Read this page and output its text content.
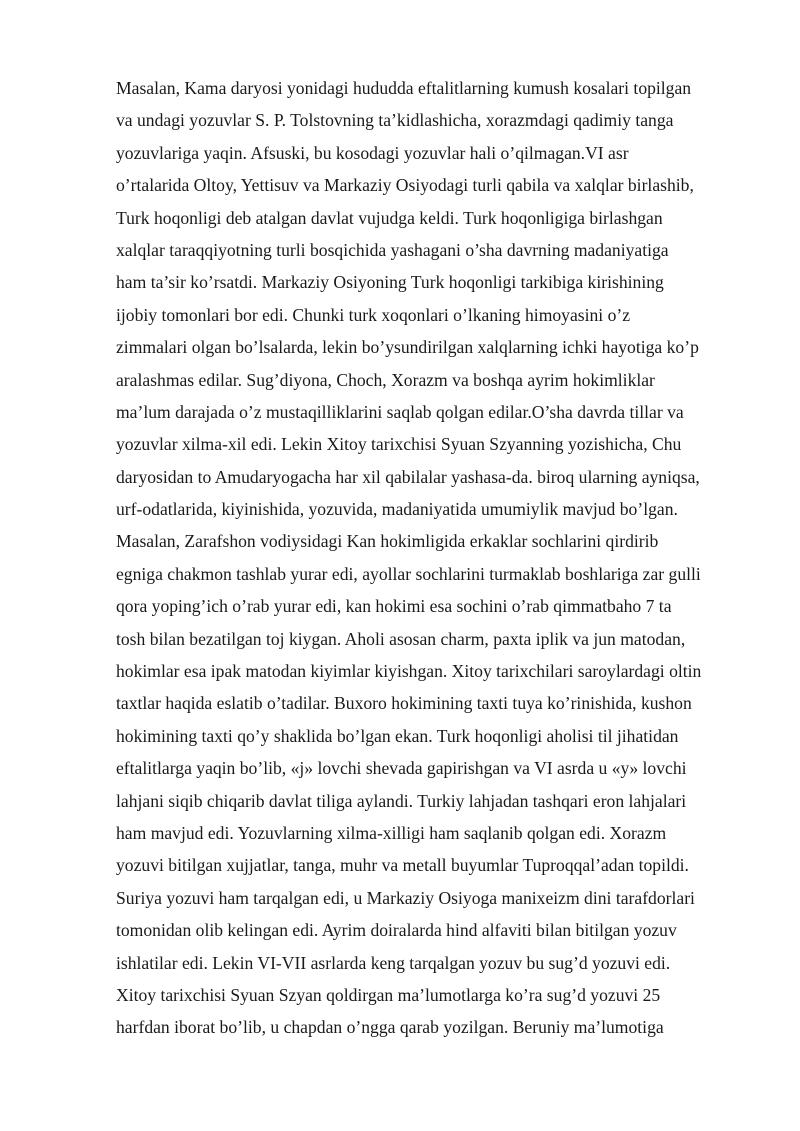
Masalan, Kama daryosi yonidagi hududda eftalitlarning kumush kosalari topilgan
va undagi yozuvlar S. P. Tolstovning ta’kidlashicha, xorazmdagi qadimiy tanga
yozuvlariga yaqin. Afsuski, bu kosodagi yozuvlar hali o’qilmagan.VI asr
o’rtalarida Oltoy, Yettisuv va Markaziy Osiyodagi turli qabila va xalqlar birlashib,
Turk hoqonligi deb atalgan davlat vujudga keldi. Turk hoqonligiga birlashgan
xalqlar taraqqiyotning turli bosqichida yashagani o’sha davrning madaniyatiga
ham ta’sir ko’rsatdi. Markaziy Osiyoning Turk hoqonligi tarkibiga kirishining
ijobiy tomonlari bor edi. Chunki turk xoqonlari o’lkaning himoyasini o’z
zimmalari olgan bo’lsalarda, lekin bo’ysundirilgan xalqlarning ichki hayotiga ko’p
aralashmas edilar. Sug’diyona, Choch, Xorazm va boshqa ayrim hokimliklar
ma’lum darajada o’z mustaqilliklarini saqlab qolgan edilar.O’sha davrda tillar va
yozuvlar xilma-xil edi. Lekin Xitoy tarixchisi Syuan Szyanning yozishicha, Chu
daryosidan to Amudaryogacha har xil qabilalar yashasa-da. biroq ularning ayniqsa,
urf-odatlarida, kiyinishida, yozuvida, madaniyatida umumiylik mavjud bo’lgan.
Masalan, Zarafshon vodiysidagi Kan hokimligida erkaklar sochlarini qirdirib
egniga chakmon tashlab yurar edi, ayollar sochlarini turmaklab boshlariga zar gulli
qora yoping’ich o’rab yurar edi, kan hokimi esa sochini o’rab qimmatbaho 7 ta
tosh bilan bezatilgan toj kiygan. Aholi asosan charm, paxta iplik va jun matodan,
hokimlar esa ipak matodan kiyimlar kiyishgan. Xitoy tarixchilari saroylardagi oltin
taxtlar haqida eslatib o’tadilar. Buxoro hokimining taxti tuya ko’rinishida, kushon
hokimining taxti qo’y shaklida bo’lgan ekan. Turk hoqonligi aholisi til jihatidan
eftalitlarga yaqin bo’lib, «j» lovchi shevada gapirishgan va VI asrda u «y» lovchi
lahjani siqib chiqarib davlat tiliga aylandi. Turkiy lahjadan tashqari eron lahjalari
ham mavjud edi. Yozuvlarning xilma-xilligi ham saqlanib qolgan edi. Xorazm
yozuvi bitilgan xujjatlar, tanga, muhr va metall buyumlar Tuproqqal’adan topildi.
Suriya yozuvi ham tarqalgan edi, u Markaziy Osiyoga manixeizm dini tarafdorlari
tomonidan olib kelingan edi. Ayrim doiralarda hind alfaviti bilan bitilgan yozuv
ishlatilar edi. Lekin VI-VII asrlarda keng tarqalgan yozuv bu sug’d yozuvi edi.
Xitoy tarixchisi Syuan Szyan qoldirgan ma’lumotlarga ko’ra sug’d yozuvi 25
harfdan iborat bo’lib, u chapdan o’ngga qarab yozilgan. Beruniy ma’lumotiga
